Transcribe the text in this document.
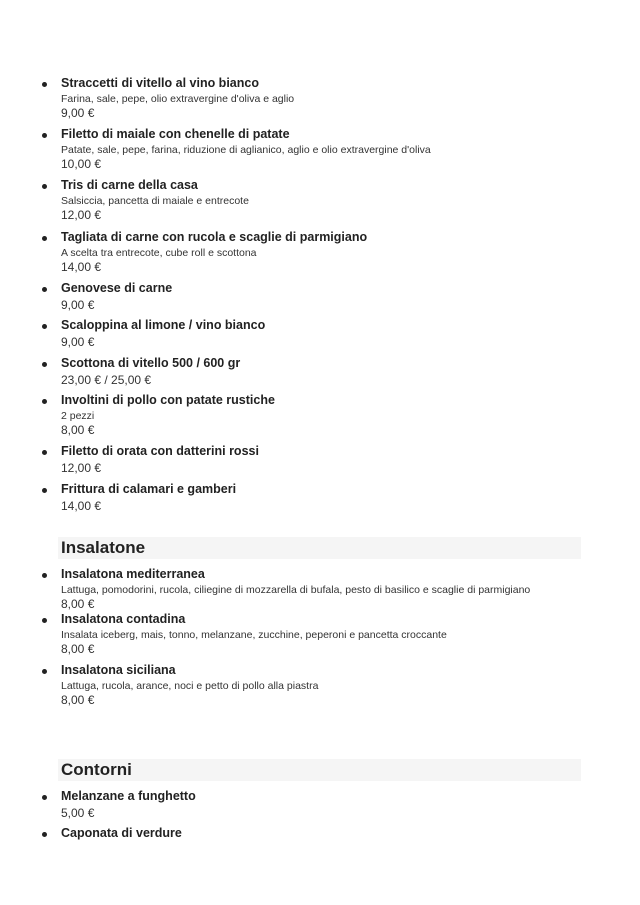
Straccetti di vitello al vino bianco
Farina, sale, pepe, olio extravergine d'oliva e aglio
9,00 €
Filetto di maiale con chenelle di patate
Patate, sale, pepe, farina, riduzione di aglianico, aglio e olio extravergine d'oliva
10,00 €
Tris di carne della casa
Salsiccia, pancetta di maiale e entrecote
12,00 €
Tagliata di carne con rucola e scaglie di parmigiano
A scelta tra entrecote, cube roll e scottona
14,00 €
Genovese di carne
9,00 €
Scaloppina al limone / vino bianco
9,00 €
Scottona di vitello 500 / 600 gr
23,00 € / 25,00 €
Involtini di pollo con patate rustiche
2 pezzi
8,00 €
Filetto di orata con datterini rossi
12,00 €
Frittura di calamari e gamberi
14,00 €
Insalatone
Insalatona mediterranea
Lattuga, pomodorini, rucola, ciliegine di mozzarella di bufala, pesto di basilico e scaglie di parmigiano
8,00 €
Insalatona contadina
Insalata iceberg, mais, tonno, melanzane, zucchine, peperoni e pancetta croccante
8,00 €
Insalatona siciliana
Lattuga, rucola, arance, noci e petto di pollo alla piastra
8,00 €
Contorni
Melanzane a funghetto
5,00 €
Caponata di verdure
